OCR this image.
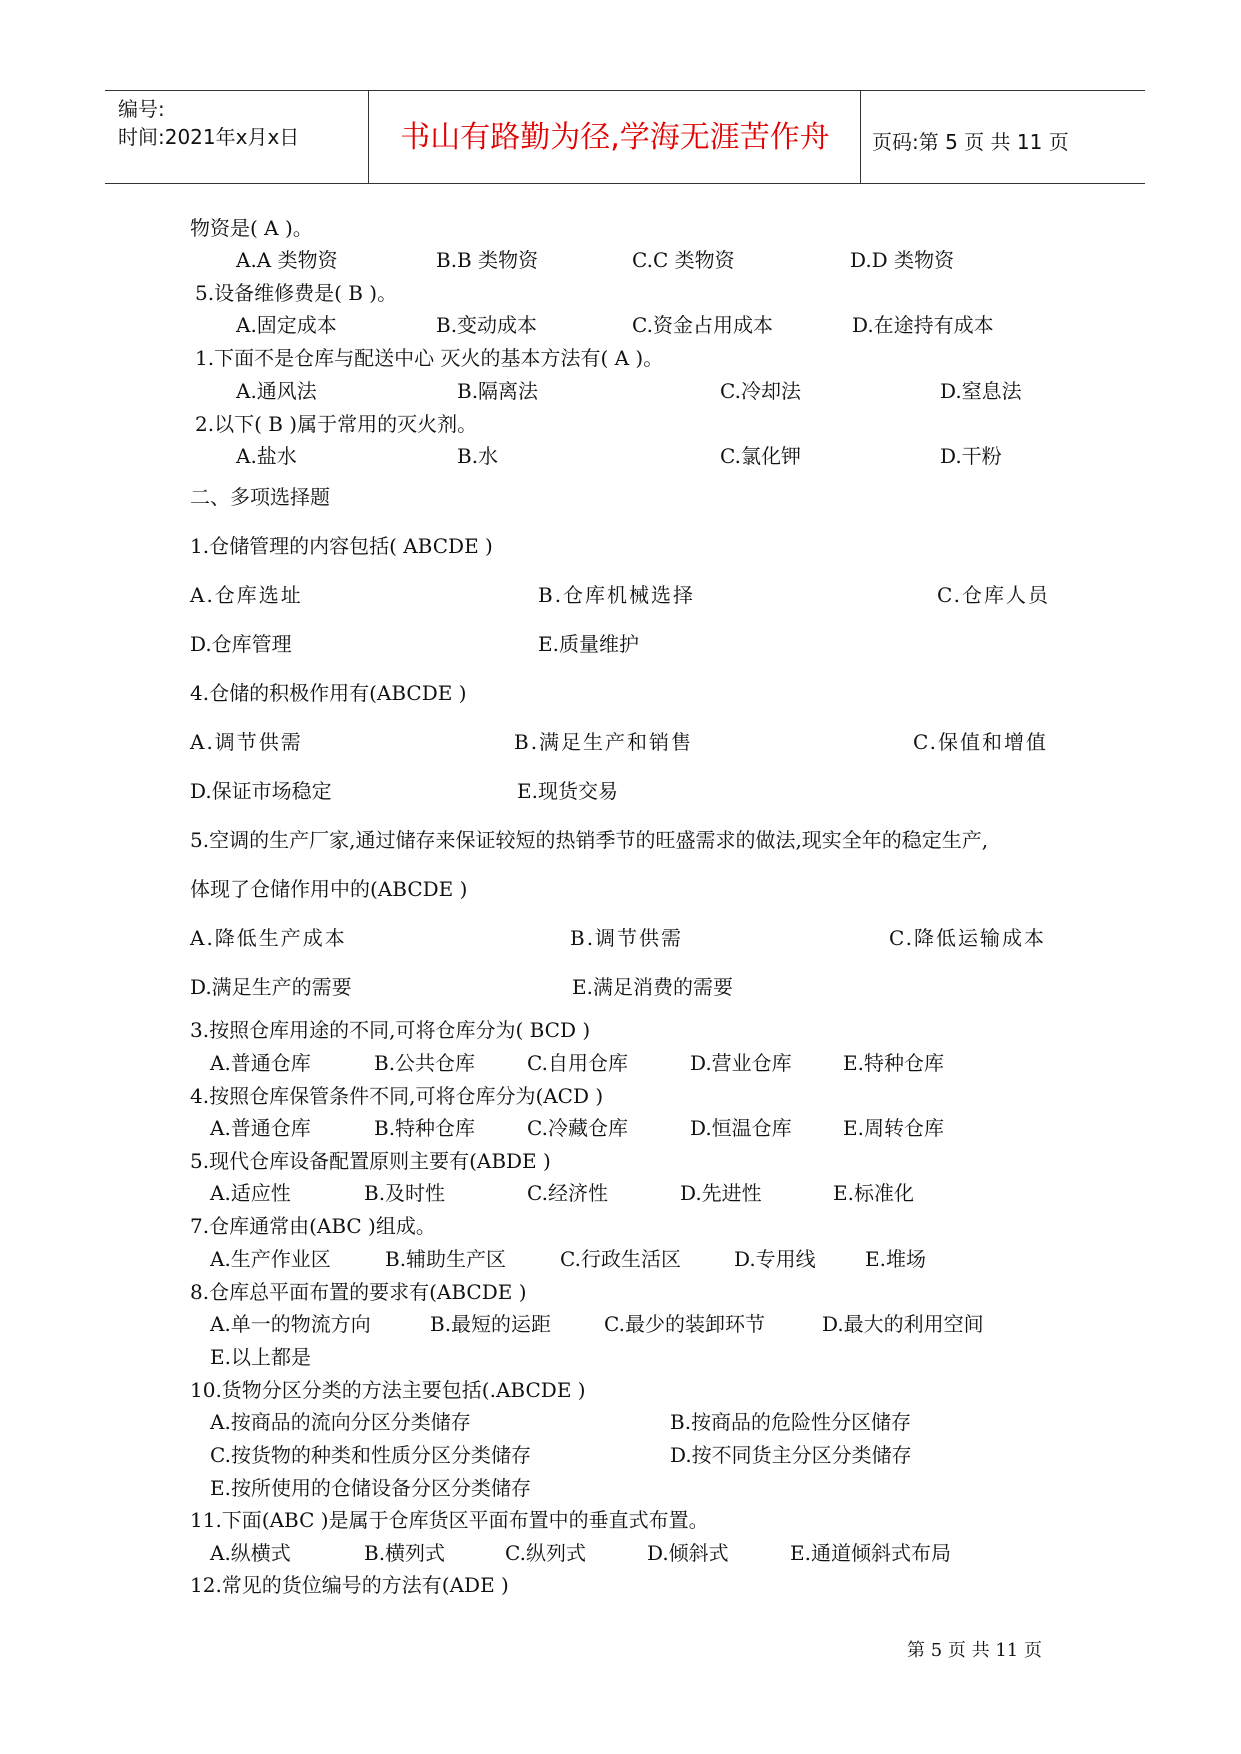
编号:
时间:2021年x月x日	书山有路勤为径,学海无涯苦作舟	页码:第 5 页 共 11 页
物资是( A )。
A.A 类物资	B.B 类物资	C.C 类物资	D.D 类物资
5.设备维修费是( B )。
A.固定成本	B.变动成本	C.资金占用成本	D.在途持有成本
1.下面不是仓库与配送中心 灭火的基本方法有( A )。
A.通风法	B.隔离法	C.冷却法	D.窒息法
2.以下( B )属于常用的灭火剂。
A.盐水	B.水	C.氯化钾	D.干粉
二、多项选择题
1.仓储管理的内容包括( ABCDE )
A.仓库选址	B.仓库机械选择	C.仓库人员
D.仓库管理	E.质量维护
4.仓储的积极作用有(ABCDE )
A.调节供需	B.满足生产和销售	C.保值和增值
D.保证市场稳定	E.现货交易
5.空调的生产厂家,通过储存来保证较短的热销季节的旺盛需求的做法,现实全年的稳定生产,
体现了仓储作用中的(ABCDE )
A.降低生产成本	B.调节供需	C.降低运输成本
D.满足生产的需要	E.满足消费的需要
3.按照仓库用途的不同,可将仓库分为( BCD )
A.普通仓库	B.公共仓库	C.自用仓库	D.营业仓库	E.特种仓库
4.按照仓库保管条件不同,可将仓库分为(ACD )
A.普通仓库	B.特种仓库	C.冷藏仓库	D.恒温仓库	E.周转仓库
5.现代仓库设备配置原则主要有(ABDE )
A.适应性	B.及时性	C.经济性	D.先进性	E.标准化
7.仓库通常由(ABC )组成。
A.生产作业区	B.辅助生产区	C.行政生活区	D.专用线 E.堆场
8.仓库总平面布置的要求有(ABCDE )
A.单一的物流方向	B.最短的运距	C.最少的装卸环节	D.最大的利用空间
E.以上都是
10.货物分区分类的方法主要包括(.ABCDE )
A.按商品的流向分区分类储存	B.按商品的危险性分区储存
C.按货物的种类和性质分区分类储存	D.按不同货主分区分类储存
E.按所使用的仓储设备分区分类储存
11.下面(ABC )是属于仓库货区平面布置中的垂直式布置。
A.纵横式	B.横列式	C.纵列式	D.倾斜式	E.通道倾斜式布局
12.常见的货位编号的方法有(ADE )
第 5 页 共 11 页
